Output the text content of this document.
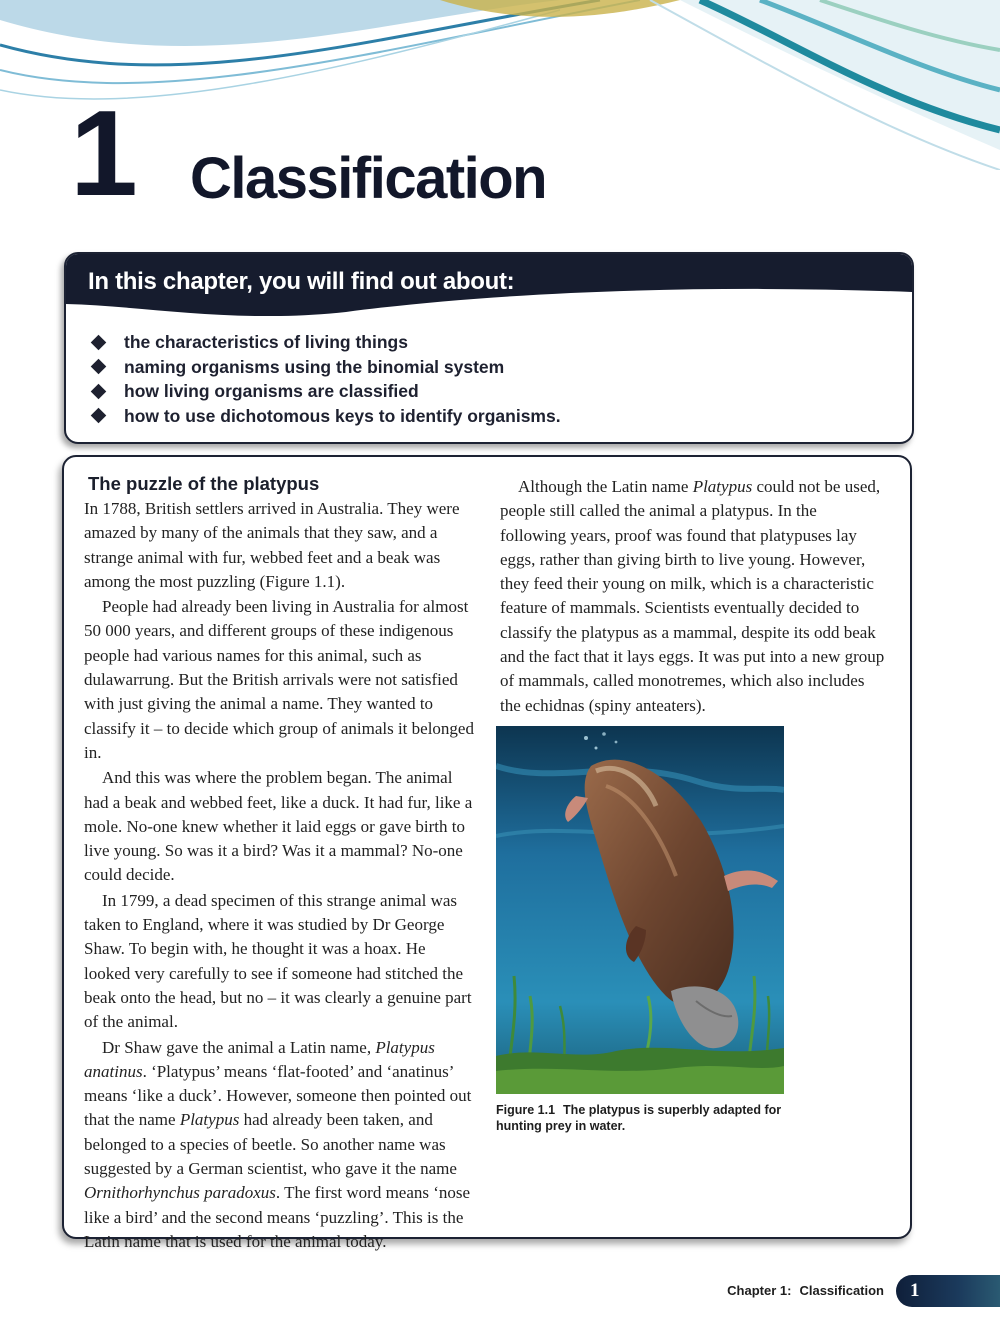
1 Classification
In this chapter, you will find out about:
the characteristics of living things
naming organisms using the binomial system
how living organisms are classified
how to use dichotomous keys to identify organisms.
The puzzle of the platypus

In 1788, British settlers arrived in Australia. They were amazed by many of the animals that they saw, and a strange animal with fur, webbed feet and a beak was among the most puzzling (Figure 1.1).

People had already been living in Australia for almost 50 000 years, and different groups of these indigenous people had various names for this animal, such as dulawarrung. But the British arrivals were not satisfied with just giving the animal a name. They wanted to classify it – to decide which group of animals it belonged in.

And this was where the problem began. The animal had a beak and webbed feet, like a duck. It had fur, like a mole. No-one knew whether it laid eggs or gave birth to live young. So was it a bird? Was it a mammal? No-one could decide.

In 1799, a dead specimen of this strange animal was taken to England, where it was studied by Dr George Shaw. To begin with, he thought it was a hoax. He looked very carefully to see if someone had stitched the beak onto the head, but no – it was clearly a genuine part of the animal.

Dr Shaw gave the animal a Latin name, Platypus anatinus. ‘Platypus’ means ‘flat-footed’ and ‘anatinus’ means ‘like a duck’. However, someone then pointed out that the name Platypus had already been taken, and belonged to a species of beetle. So another name was suggested by a German scientist, who gave it the name Ornithorhynchus paradoxus. The first word means ‘nose like a bird’ and the second means ‘puzzling’. This is the Latin name that is used for the animal today.

Although the Latin name Platypus could not be used, people still called the animal a platypus. In the following years, proof was found that platypuses lay eggs, rather than giving birth to live young. However, they feed their young on milk, which is a characteristic feature of mammals. Scientists eventually decided to classify the platypus as a mammal, despite its odd beak and the fact that it lays eggs. It was put into a new group of mammals, called monotremes, which also includes the echidnas (spiny anteaters).

Figure 1.1 The platypus is superbly adapted for hunting prey in water.

Chapter 1: Classification 1
